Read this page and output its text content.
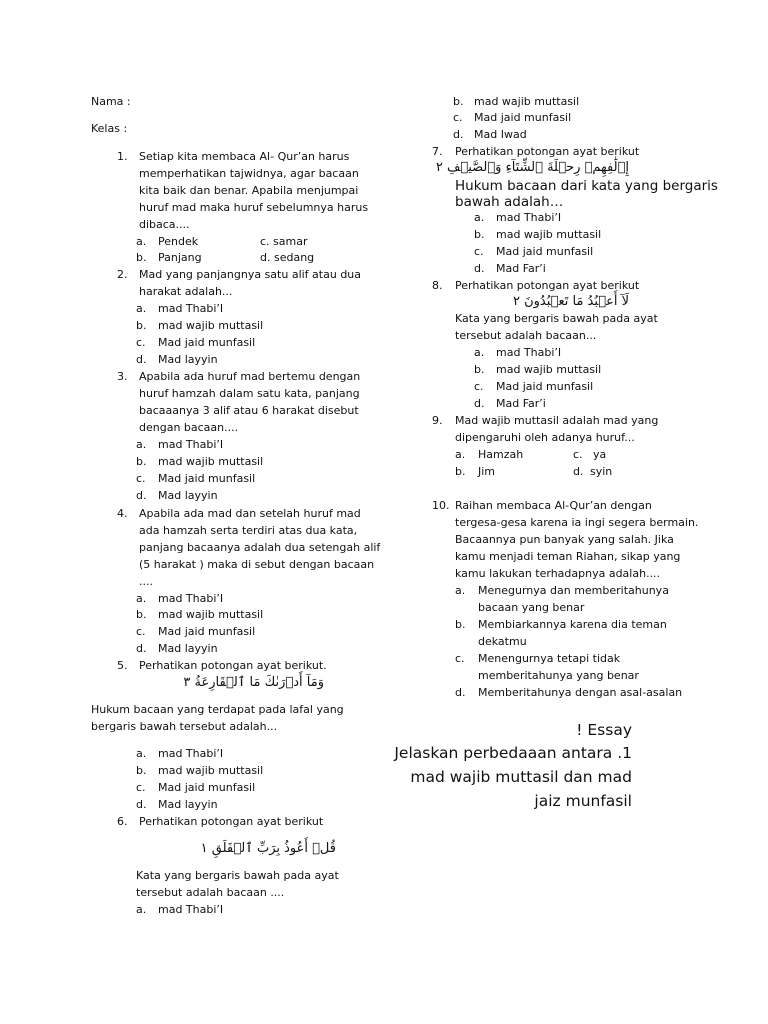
Nama :
Kelas :
1. Setiap kita membaca Al- Qur’an harus
memperhatikan tajwidnya, agar bacaan
kita baik dan benar. Apabila menjumpai
huruf mad maka huruf sebelumnya harus
dibaca....
a. Pendek	c. samar
b. Panjang	d. sedang
2. Mad yang panjangnya satu alif atau dua
harakat adalah...
a. mad Thabi’I
b. mad wajib muttasil
c. Mad jaid munfasil
d. Mad layyin
3. Apabila ada huruf mad bertemu dengan
huruf hamzah dalam satu kata, panjang
bacaaanya 3 alif atau 6 harakat disebut
dengan bacaan....
a. mad Thabi’I
b. mad wajib muttasil
c. Mad jaid munfasil
d. Mad layyin
4. Apabila ada mad dan setelah huruf mad
ada hamzah serta terdiri atas dua kata,
panjang bacaanya adalah dua setengah alif
(5 harakat ) maka di sebut dengan bacaan
....
a. mad Thabi’I
b. mad wajib muttasil
c. Mad jaid munfasil
d. Mad layyin
5. Perhatikan potongan ayat berikut.
وَمَآ أَدۡرَىٰكَ مَا ٱلۡقَارِعَةُ ٣
Hukum bacaan yang terdapat pada lafal yang
bergaris bawah tersebut adalah...
a. mad Thabi’I
b. mad wajib muttasil
c. Mad jaid munfasil
d. Mad layyin
6. Perhatikan potongan ayat berikut
قُلۡ أَعُوذُ بِرَبِّ ٱلۡفَلَقِ ١
Kata yang bergaris bawah pada ayat
tersebut adalah bacaan ....
a. mad Thabi’I
b. mad wajib muttasil
c. Mad jaid munfasil
d. Mad Iwad
7. Perhatikan potongan ayat berikut
إِۦلَٰفِهِمۡ رِحۡلَةَ ٱلشِّتَآءِ وَٱلصَّيۡفِ ٢
Hukum bacaan dari kata yang bergaris
bawah adalah…
a. mad Thabi’I
b. mad wajib muttasil
c. Mad jaid munfasil
d. Mad Far’i
8. Perhatikan potongan ayat berikut
لَآ أَعۡبُدُ مَا تَعۡبُدُونَ ٢
Kata yang bergaris bawah pada ayat
tersebut adalah bacaan...
a. mad Thabi’I
b. mad wajib muttasil
c. Mad jaid munfasil
d. Mad Far’i
9. Mad wajib muttasil adalah mad yang
dipengaruhi oleh adanya huruf...
a. Hamzah	c. ya
b. Jim	d. syin
10. Raihan membaca Al-Qur’an dengan
tergesa-gesa karena ia ingi segera bermain.
Bacaannya pun banyak yang salah. Jika
kamu menjadi teman Riahan, sikap yang
kamu lakukan terhadapnya adalah....
a. Menegurnya dan memberitahunya
bacaan yang benar
b. Membiarkannya karena dia teman
dekatmu
c. Menengurnya tetapi tidak
memberitahunya yang benar
d. Memberitahunya dengan asal-asalan
! Essay
Jelaskan perbedaaan antara .1
mad wajib muttasil dan mad
jaiz munfasil
